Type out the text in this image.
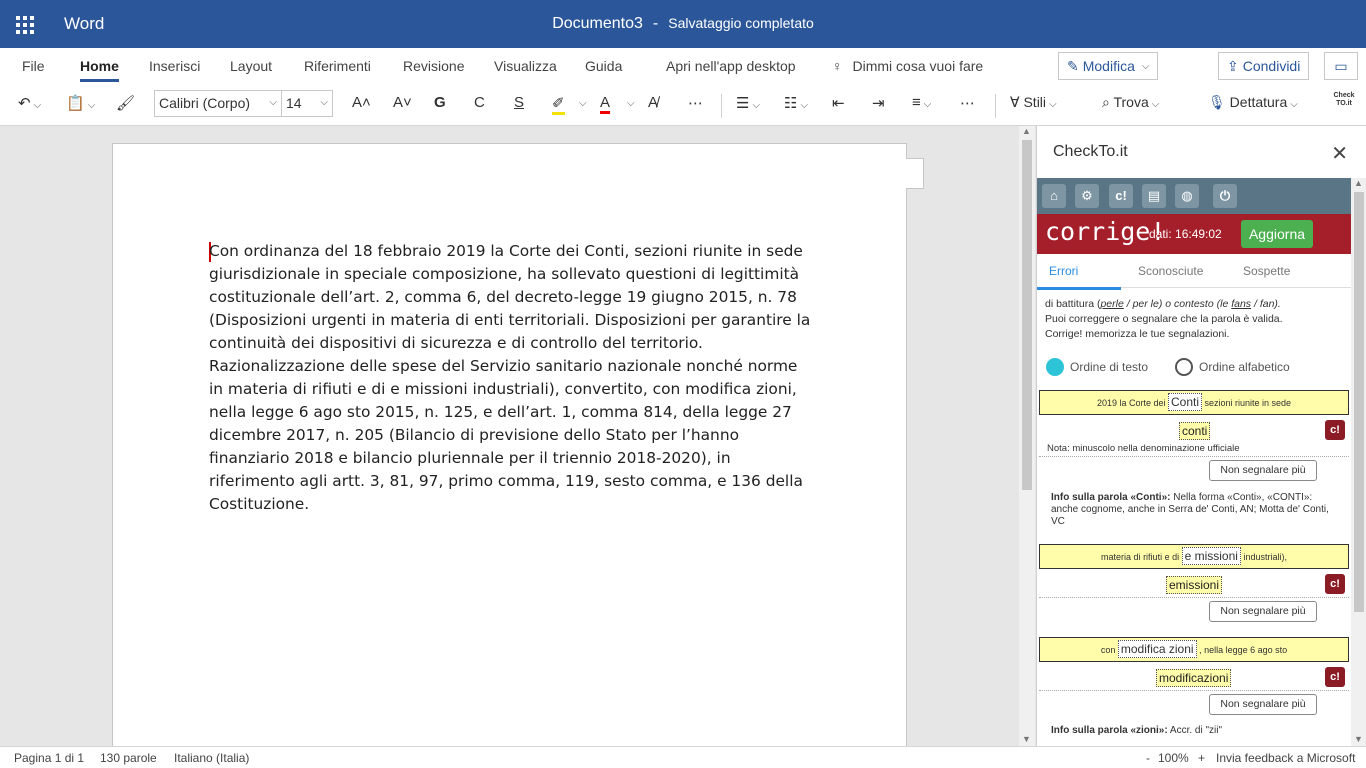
Word	Documento3 - Salvataggio completato
File	Home Inserisci Layout Riferimenti Revisione Visualizza Guida	Apri nell'app desktop	♀ Dimmi cosa vuoi fare	✎ Modifica ⌵	⇪ Condividi ▭
↶ ⌵ 📋 ⌵ 🖌	Calibri (Corpo) ⌵ 14 ⌵ A˄ A˅ G C S ✐ ⌵ A ⌵ A̸ ⋯ ☰ ⌵ ☷ ⌵ ⇤ ⇥ ≡ ⌵ ⋯	Ɐ Stili ⌵	⌕ Trova ⌵	🎙 Dettatura ⌵
Check TO.it
Con ordinanza del 18 febbraio 2019 la Corte dei Conti, sezioni riunite in sede giurisdizionale in speciale composizione, ha sollevato questioni di legittimità costituzionale dell’art. 2, comma 6, del decreto-legge 19 giugno 2015, n. 78 (Disposizioni urgenti in materia di enti territoriali. Disposizioni per garantire la continuità dei dispositivi di sicurezza e di controllo del territorio. Razionalizzazione delle spese del Servizio sanitario nazionale nonché norme in materia di rifiuti e di e missioni industriali), convertito, con modifica zioni, nella legge 6 ago sto 2015, n. 125, e dell’art. 1, comma 814, della legge 27 dicembre 2017, n. 205 (Bilancio di previsione dello Stato per l’hanno finanziario 2018 e bilancio pluriennale per il triennio 2018-2020), in riferimento agli artt. 3, 81, 97, primo comma, 119, sesto comma, e 136 della Costituzione.
▲
▼
CheckTo.it	✕
⌂	⚙	c!	▤	◍	⏻
corrige!
dati: 16:49:02	Aggiorna
Errori	Sconosciute	Sospette
di battitura (perle / per le) o contesto (le fans / fan).
Puoi correggere o segnalare che la parola è valida.
Corrige! memorizza le tue segnalazioni.
Ordine di testo	Ordine alfabetico
2019 la Corte dei Conti sezioni riunite in sede
conti	c!
Nota: minuscolo nella denominazione ufficiale
Non segnalare più
Info sulla parola «Conti»: Nella forma «Conti», «CONTI»: anche cognome, anche in Serra de' Conti, AN; Motta de' Conti, VC
materia di rifiuti e di e missioni industriali),
emissioni	c!
Non segnalare più
con modifica zioni , nella legge 6 ago sto
modificazioni	c!
Non segnalare più
Info sulla parola «zioni»: Accr. di "zii"
▲
▼
Pagina 1 di 1 130 parole Italiano (Italia)	- 100% + Invia feedback a Microsoft
